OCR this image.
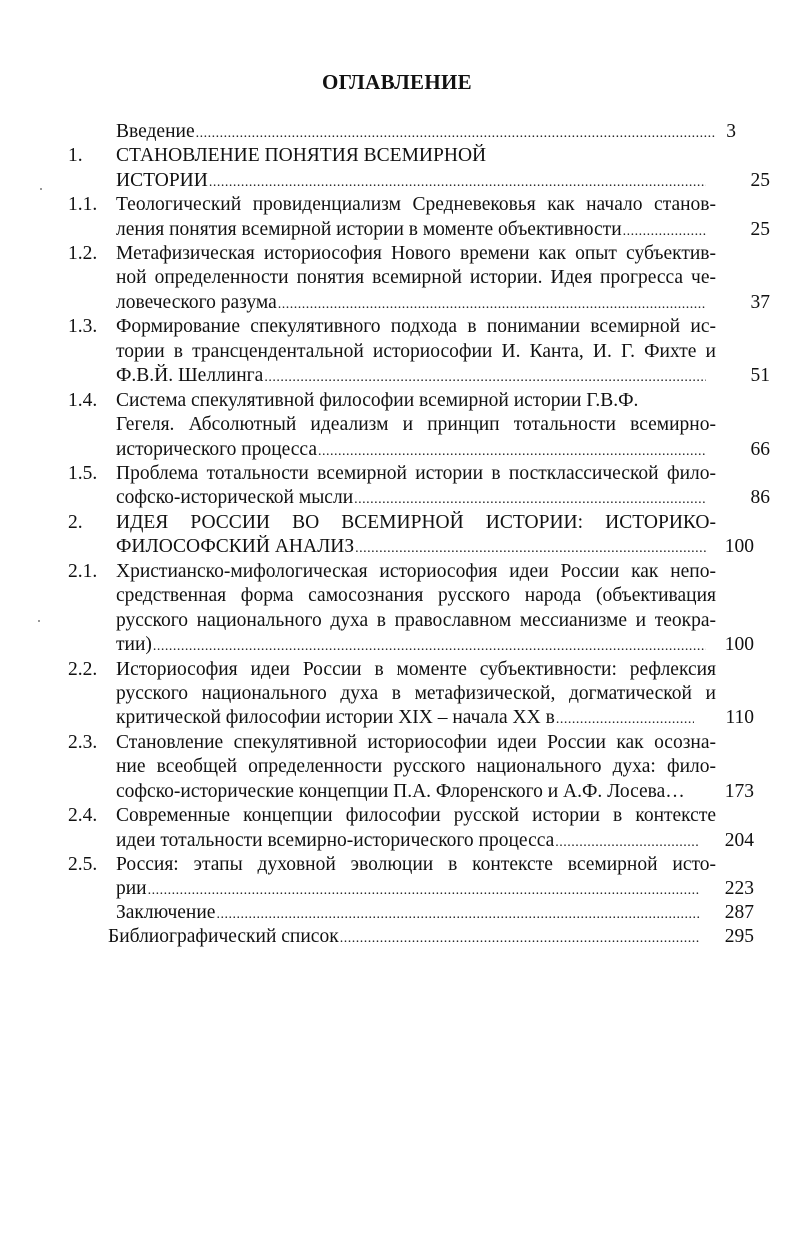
ОГЛАВЛЕНИЕ
Введение .....	3
1. СТАНОВЛЕНИЕ ПОНЯТИЯ ВСЕМИРНОЙ
ИСТОРИИ .....	25
1.1. Теологический провиденциализм Средневековья как начало станов-
ления понятия всемирной истории в моменте объективности .....	25
1.2. Метафизическая историософия Нового времени как опыт субъектив-
ной определенности понятия всемирной истории. Идея прогресса че-
ловеческого разума .....	37
1.3. Формирование спекулятивного подхода в понимании всемирной ис-
тории в трансцендентальной историософии И. Канта, И. Г. Фихте и
Ф.В.Й. Шеллинга .....	51
1.4. Система спекулятивной философии всемирной истории Г.В.Ф.
Гегеля. Абсолютный идеализм и принцип тотальности всемирно-
исторического процесса .....	66
1.5. Проблема тотальности всемирной истории в постклассической фило-
софско-исторической мысли .....	86
2. ИДЕЯ РОССИИ ВО ВСЕМИРНОЙ ИСТОРИИ: ИСТОРИКО-
ФИЛОСОФСКИЙ АНАЛИЗ .....	100
2.1. Христианско-мифологическая историософия идеи России как непо-
средственная форма самосознания русского народа (объективация
русского национального духа в православном мессианизме и теокра-
тии) .....	100
2.2. Историософия идеи России в моменте субъективности: рефлексия
русского национального духа в метафизической, догматической и
критической философии истории XIX – начала XX в .....	110
2.3. Становление спекулятивной историософии идеи России как осозна-
ние всеобщей определенности русского национального духа: фило-
софско-исторические концепции П.А. Флоренского и А.Ф. Лосева…	173
2.4. Современные концепции философии русской истории в контексте
идеи тотальности всемирно-исторического процесса .....	204
2.5. Россия: этапы духовной эволюции в контексте всемирной исто-
рии .....	223
Заключение .....	287
Библиографический список .....	295
